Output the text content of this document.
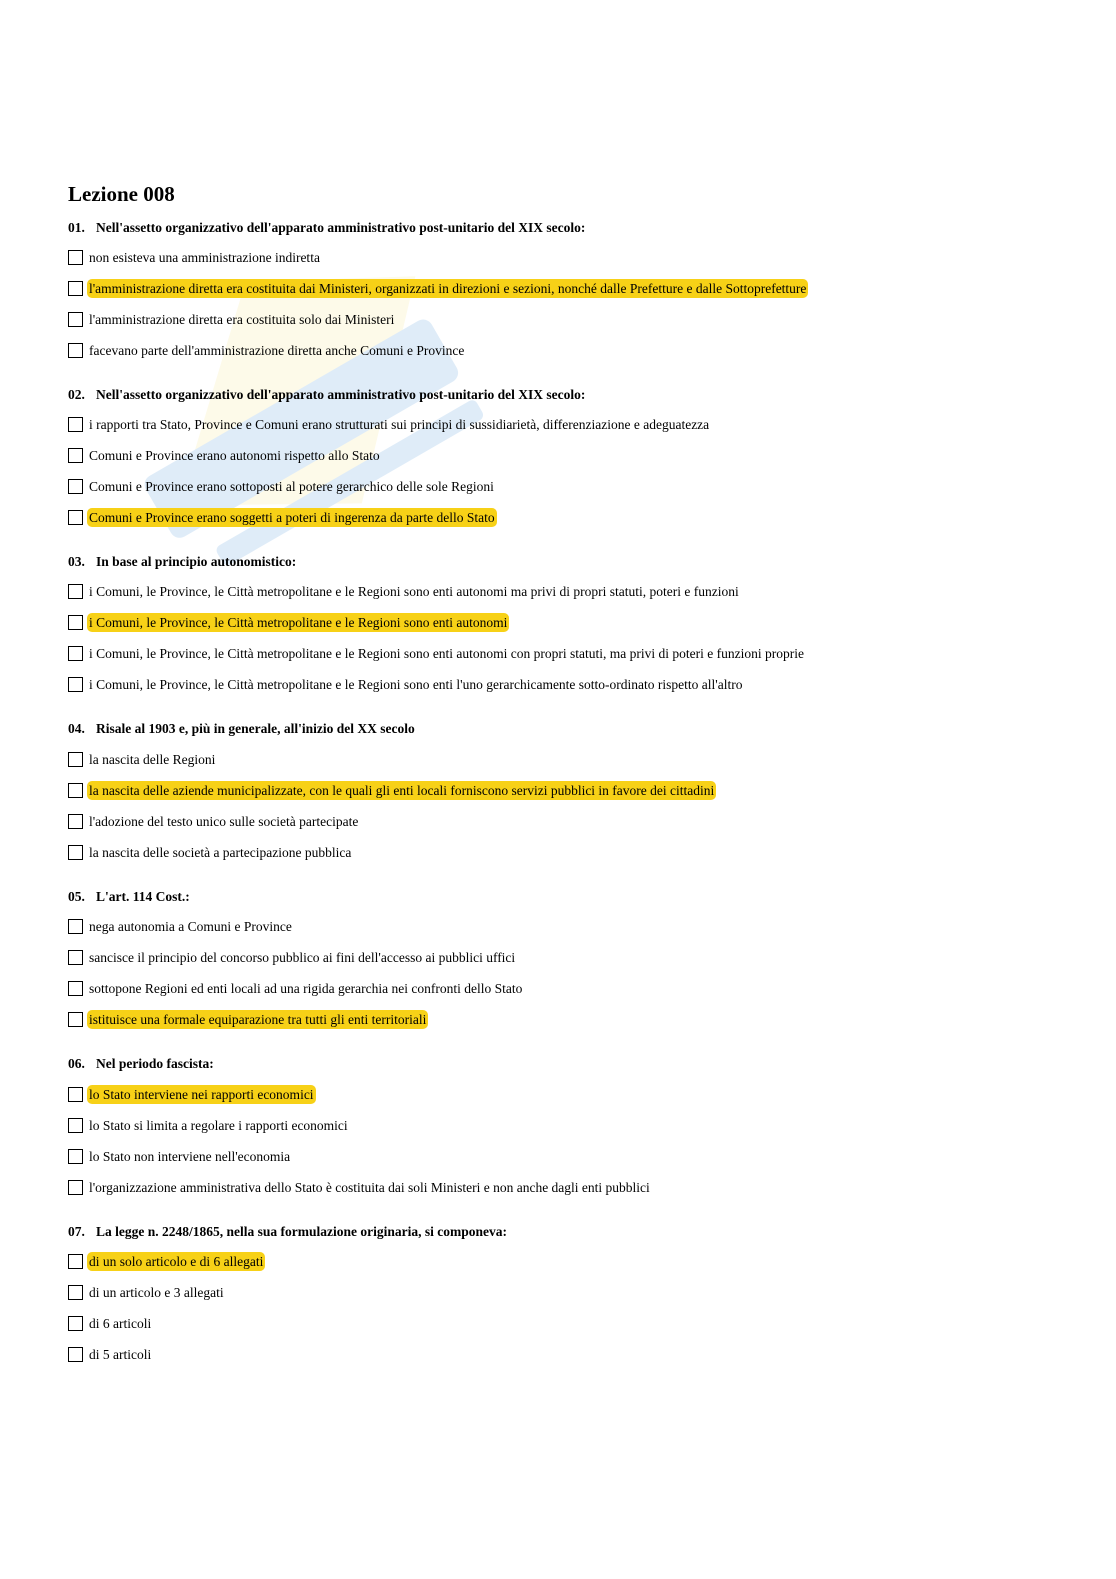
Lezione 008
01. Nell'assetto organizzativo dell'apparato amministrativo post-unitario del XIX secolo:
non esisteva una amministrazione indiretta
l'amministrazione diretta era costituita dai Ministeri, organizzati in direzioni e sezioni, nonché dalle Prefetture e dalle Sottoprefetture
l'amministrazione diretta era costituita solo dai Ministeri
facevano parte dell'amministrazione diretta anche Comuni e Province
02. Nell'assetto organizzativo dell'apparato amministrativo post-unitario del XIX secolo:
i rapporti tra Stato, Province e Comuni erano strutturati sui principi di sussidiarietà, differenziazione e adeguatezza
Comuni e Province erano autonomi rispetto allo Stato
Comuni e Province erano sottoposti al potere gerarchico delle sole Regioni
Comuni e Province erano soggetti a poteri di ingerenza da parte dello Stato
03. In base al principio autonomistico:
i Comuni, le Province, le Città metropolitane e le Regioni sono enti autonomi ma privi di propri statuti, poteri e funzioni
i Comuni, le Province, le Città metropolitane e le Regioni sono enti autonomi
i Comuni, le Province, le Città metropolitane e le Regioni sono enti autonomi con propri statuti, ma privi di poteri e funzioni proprie
i Comuni, le Province, le Città metropolitane e le Regioni sono enti l'uno gerarchicamente sotto-ordinato rispetto all'altro
04. Risale al 1903 e, più in generale, all'inizio del XX secolo
la nascita delle Regioni
la nascita delle aziende municipalizzate, con le quali gli enti locali forniscono servizi pubblici in favore dei cittadini
l'adozione del testo unico sulle società partecipate
la nascita delle società a partecipazione pubblica
05. L'art. 114 Cost.:
nega autonomia a Comuni e Province
sancisce il principio del concorso pubblico ai fini dell'accesso ai pubblici uffici
sottopone Regioni ed enti locali ad una rigida gerarchia nei confronti dello Stato
istituisce una formale equiparazione tra tutti gli enti territoriali
06. Nel periodo fascista:
lo Stato interviene nei rapporti economici
lo Stato si limita a regolare i rapporti economici
lo Stato non interviene nell'economia
l'organizzazione amministrativa dello Stato è costituita dai soli Ministeri e non anche dagli enti pubblici
07. La legge n. 2248/1865, nella sua formulazione originaria, si componeva:
di un solo articolo e di 6 allegati
di un articolo e 3 allegati
di 6 articoli
di 5 articoli
